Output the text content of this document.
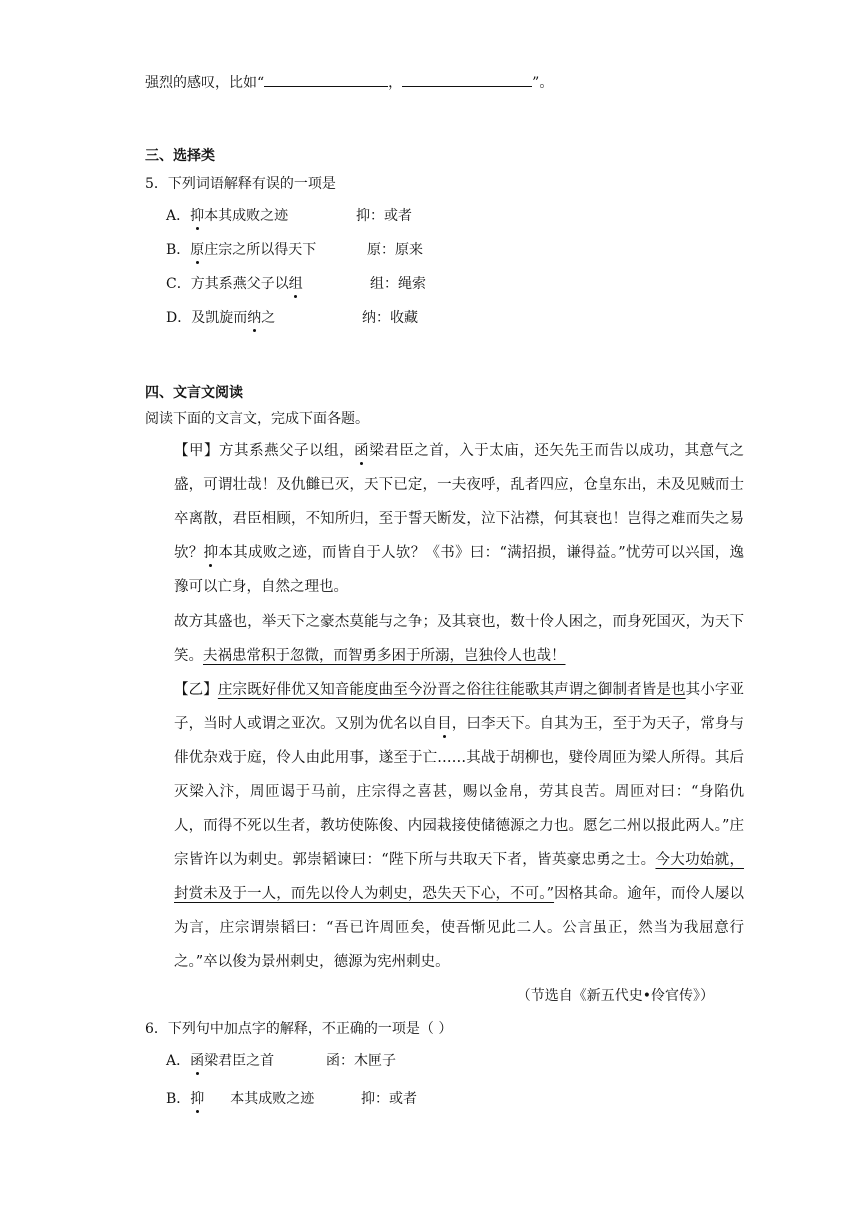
强烈的感叹，比如“	，	”。
三、选择类
5．下列词语解释有误的一项是
A．抑本其成败之迹	抑：或者
B．原庄宗之所以得天下	原：原来
C．方其系燕父子以组	组：绳索
D．及凯旋而纳之	纳：收藏
四、文言文阅读
阅读下面的文言文，完成下面各题。
【甲】方其系燕父子以组，函梁君臣之首，入于太庙，还矢先王而告以成功，其意气之盛，可谓壮哉！及仇雠已灭，天下已定，一夫夜呼，乱者四应，仓皇东出，未及见贼而士卒离散，君臣相顾，不知所归，至于誓天断发，泣下沾襟，何其衰也！岂得之难而失之易欤？抑本其成败之迹，而皆自于人欤？《书》曰：“满招损，谦得益。”忧劳可以兴国，逸豫可以亡身，自然之理也。
故方其盛也，举天下之豪杰莫能与之争；及其衰也，数十伶人困之，而身死国灭，为天下笑。夫祸患常积于忽微，而智勇多困于所溺，岂独伶人也哉！
【乙】庄宗既好俳优又知音能度曲至今汾晋之俗往往能歌其声谓之御制者皆是也其小字亚子，当时人或谓之亚次。又别为优名以自目，曰李天下。自其为王，至于为天子，常身与俳优杂戏于庭，伶人由此用事，遂至于亡……其战于胡柳也，嬖伶周匝为梁人所得。其后灭梁入汴，周匝谒于马前，庄宗得之喜甚，赐以金帛，劳其良苦。周匝对曰：“身陷仇人，而得不死以生者，教坊使陈俊、内园栽接使储德源之力也。愿乞二州以报此两人。”庄宗皆许以为刺史。郭崇韬谏曰：“陛下所与共取天下者，皆英豪忠勇之士。今大功始就，封赏未及于一人，而先以伶人为刺史，恐失天下心，不可。”因格其命。逾年，而伶人屡以为言，庄宗谓崇韬曰：“吾已许周匝矣，使吾惭见此二人。公言虽正，然当为我屈意行之。”卒以俊为景州刺史，德源为宪州刺史。
（节选自《新五代史•伶官传》）
6．下列句中加点字的解释，不正确的一项是（ ）
A．函梁君臣之首	函：木匣子
B．抑 本其成败之迹	抑：或者
